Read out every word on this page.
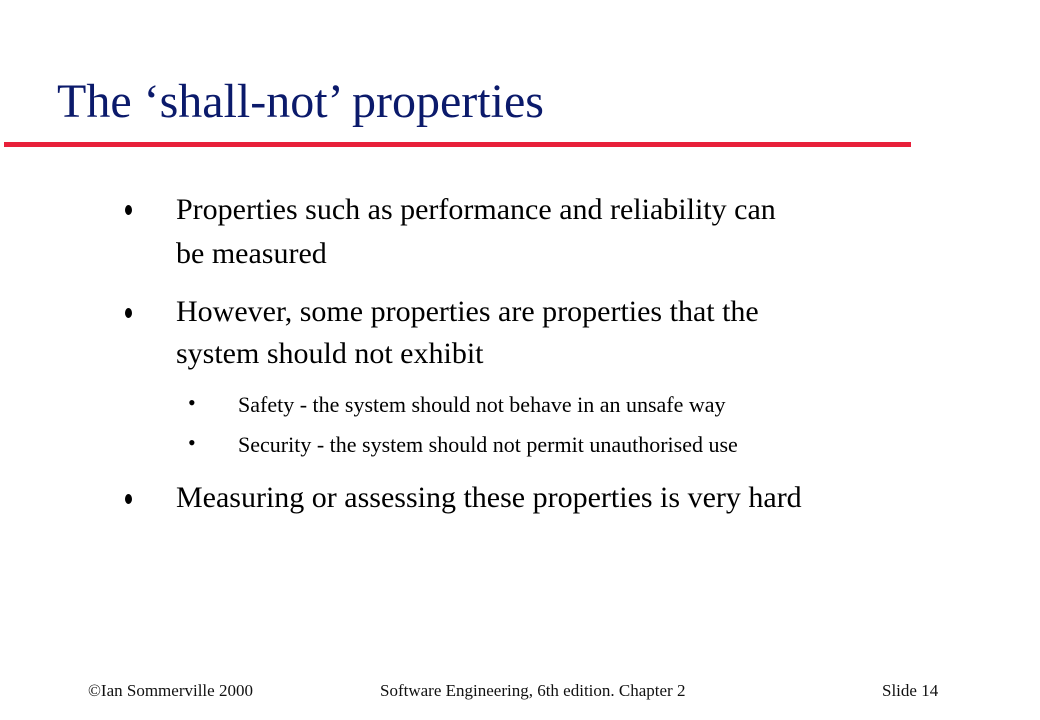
The ‘shall-not’ properties
Properties such as performance and reliability can
be measured
However, some properties are properties that the
system should not exhibit
• Safety - the system should not behave in an unsafe way
• Security - the system should not permit unauthorised use
Measuring or assessing these properties is very hard
©Ian Sommerville 2000	Software Engineering, 6th edition. Chapter 2	Slide 14
